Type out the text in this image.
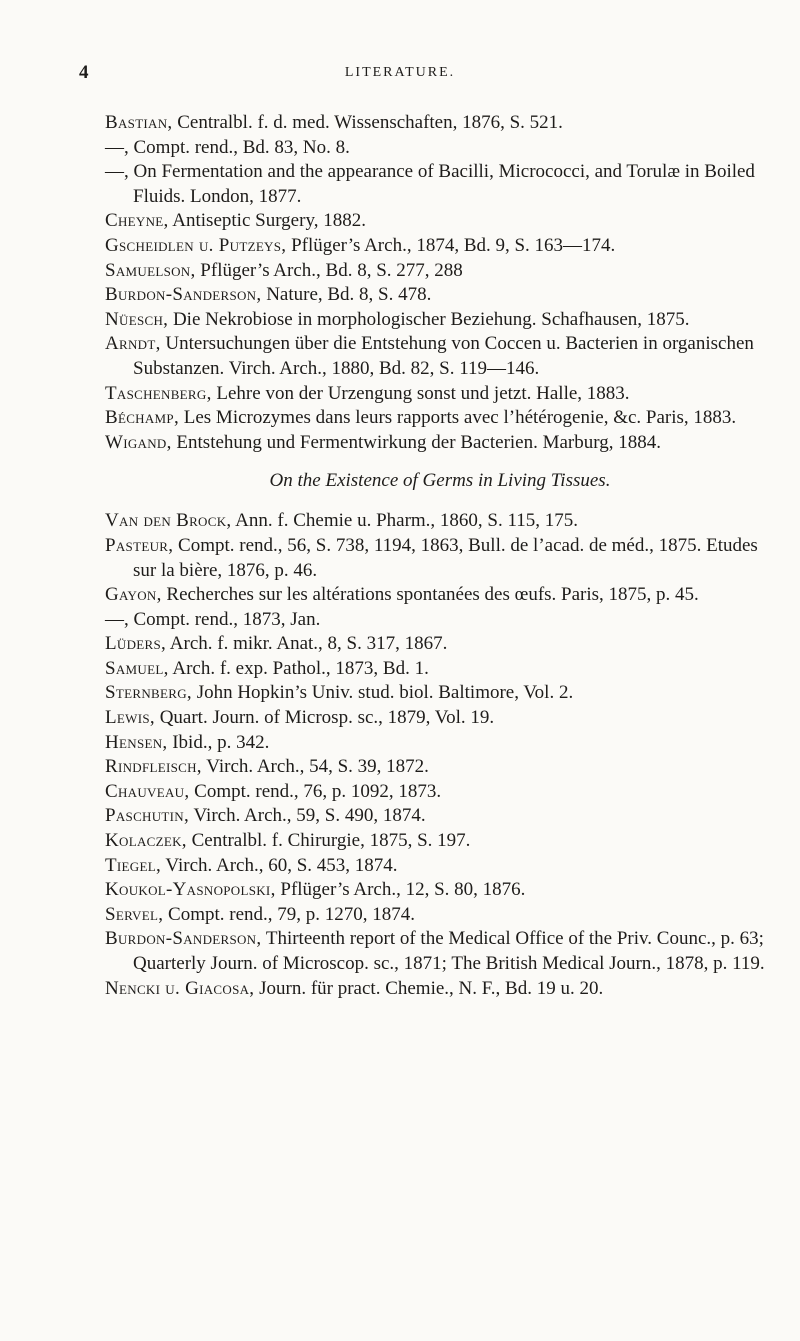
4	LITERATURE.

Bastian, Centralbl. f. d. med. Wissenschaften, 1876, S. 521.

—, Compt. rend., Bd. 83, No. 8.

—, On Fermentation and the appearance of Bacilli, Micrococci, and Torulæ in Boiled Fluids. London, 1877.

Cheyne, Antiseptic Surgery, 1882.

Gscheidlen u. Putzeys, Pflüger’s Arch., 1874, Bd. 9, S. 163—174.

Samuelson, Pflüger’s Arch., Bd. 8, S. 277, 288

Burdon-Sanderson, Nature, Bd. 8, S. 478.

Nüesch, Die Nekrobiose in morphologischer Beziehung. Schafhausen, 1875.

Arndt, Untersuchungen über die Entstehung von Coccen u. Bacterien in organischen Substanzen. Virch. Arch., 1880, Bd. 82, S. 119—146.

Taschenberg, Lehre von der Urzengung sonst und jetzt. Halle, 1883.

Béchamp, Les Microzymes dans leurs rapports avec l’hétérogenie, &c. Paris, 1883.

Wigand, Entstehung und Fermentwirkung der Bacterien. Marburg, 1884.

On the Existence of Germs in Living Tissues.

Van den Brock, Ann. f. Chemie u. Pharm., 1860, S. 115, 175.

Pasteur, Compt. rend., 56, S. 738, 1194, 1863, Bull. de l’acad. de méd., 1875. Etudes sur la bière, 1876, p. 46.

Gayon, Recherches sur les altérations spontanées des œufs. Paris, 1875, p. 45.

—, Compt. rend., 1873, Jan.

Lüders, Arch. f. mikr. Anat., 8, S. 317, 1867.

Samuel, Arch. f. exp. Pathol., 1873, Bd. 1.

Sternberg, John Hopkin’s Univ. stud. biol. Baltimore, Vol. 2.

Lewis, Quart. Journ. of Microsp. sc., 1879, Vol. 19.

Hensen, Ibid., p. 342.

Rindfleisch, Virch. Arch., 54, S. 39, 1872.

Chauveau, Compt. rend., 76, p. 1092, 1873.

Paschutin, Virch. Arch., 59, S. 490, 1874.

Kolaczek, Centralbl. f. Chirurgie, 1875, S. 197.

Tiegel, Virch. Arch., 60, S. 453, 1874.

Koukol-Yasnopolski, Pflüger’s Arch., 12, S. 80, 1876.

Servel, Compt. rend., 79, p. 1270, 1874.

Burdon-Sanderson, Thirteenth report of the Medical Office of the Priv. Counc., p. 63; Quarterly Journ. of Microscop. sc., 1871; The British Medical Journ., 1878, p. 119.

Nencki u. Giacosa, Journ. für pract. Chemie., N. F., Bd. 19 u. 20.
